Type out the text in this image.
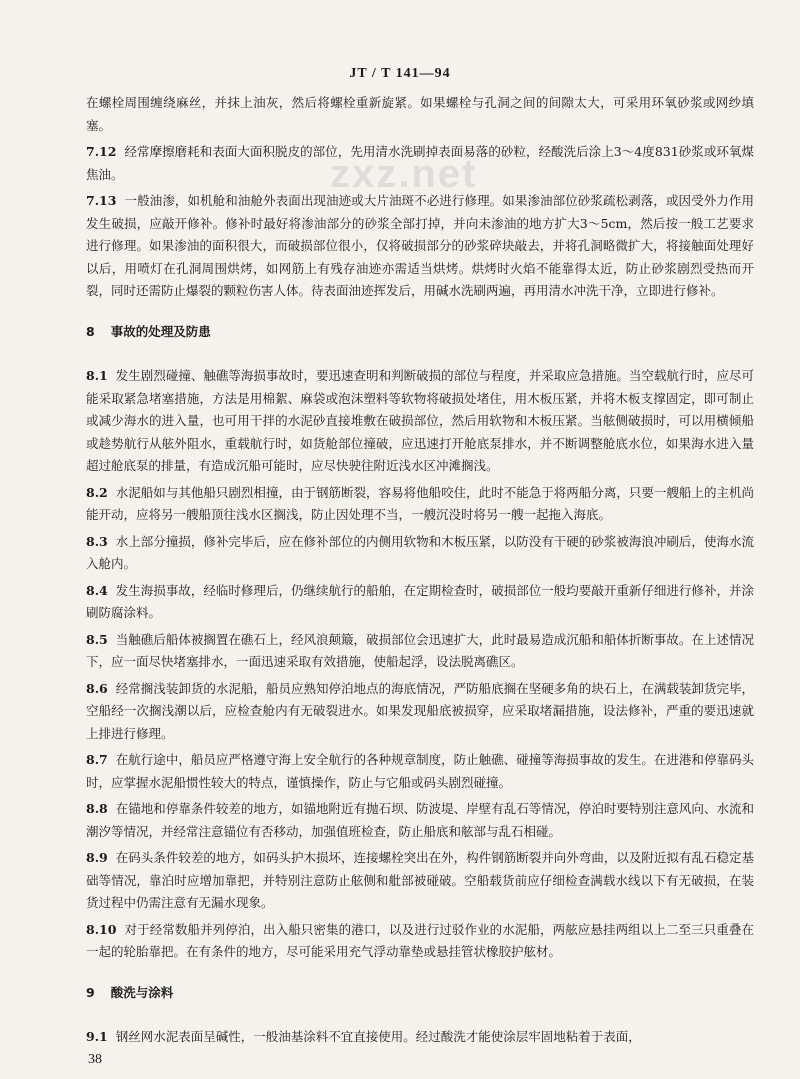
JT / T 141—94
zxz.net

在螺栓周围缠绕麻丝，并抹上油灰，然后将螺栓重新旋紧。如果螺栓与孔洞之间的间隙太大，可采用环氧砂浆或网纱填塞。

7.12 经常摩擦磨耗和表面大面积脱皮的部位，先用清水洗刷掉表面易落的砂粒，经酸洗后涂上3～4度831砂浆或环氧煤焦油。

7.13 一般油渗，如机舱和油舱外表面出现油迹或大片油斑不必进行修理。如果渗油部位砂浆疏松剥落，或因受外力作用发生破损，应敲开修补。修补时最好将渗油部分的砂浆全部打掉，并向未渗油的地方扩大3～5cm，然后按一般工艺要求进行修理。如果渗油的面积很大，而破损部位很小，仅将破损部分的砂浆碎块敲去，并将孔洞略微扩大，将接触面处理好以后，用喷灯在孔洞周围烘烤，如网筋上有残存油迹亦需适当烘烤。烘烤时火焰不能靠得太近，防止砂浆剧烈受热而开裂，同时还需防止爆裂的颗粒伤害人体。待表面油迹挥发后，用碱水洗刷两遍，再用清水冲洗干净，立即进行修补。

8 事故的处理及防患

8.1 发生剧烈碰撞、触礁等海损事故时，要迅速查明和判断破损的部位与程度，并采取应急措施。当空载航行时，应尽可能采取紧急堵塞措施，方法是用棉絮、麻袋或泡沫塑料等软物将破损处堵住，用木板压紧，并将木板支撑固定，即可制止或减少海水的进入量，也可用干拌的水泥砂直接堆敷在破损部位，然后用软物和木板压紧。当舷侧破损时，可以用横倾船或趁势航行从舷外阻水，重载航行时，如货舱部位撞破，应迅速打开舱底泵排水，并不断调整舱底水位，如果海水进入量超过舱底泵的排量，有造成沉船可能时，应尽快驶往附近浅水区冲滩搁浅。

8.2 水泥船如与其他船只剧烈相撞，由于钢筋断裂，容易将他船咬住，此时不能急于将两船分离，只要一艘船上的主机尚能开动，应将另一艘船顶往浅水区搁浅，防止因处理不当，一艘沉没时将另一艘一起拖入海底。

8.3 水上部分撞损，修补完毕后，应在修补部位的内侧用软物和木板压紧，以防没有干硬的砂浆被海浪冲刷后，使海水流入舱内。

8.4 发生海损事故，经临时修理后，仍继续航行的船舶，在定期检查时，破损部位一般均要敲开重新仔细进行修补，并涂刷防腐涂料。

8.5 当触礁后船体被搁置在礁石上，经风浪颠簸，破损部位会迅速扩大，此时最易造成沉船和船体折断事故。在上述情况下，应一面尽快堵塞排水，一面迅速采取有效措施，使船起浮，设法脱离礁区。

8.6 经常搁浅装卸货的水泥船，船员应熟知停泊地点的海底情况，严防船底搁在坚硬多角的块石上，在满载装卸货完毕，空船经一次搁浅潮以后，应检查舱内有无破裂进水。如果发现船底被损穿，应采取堵漏措施，设法修补，严重的要迅速就上排进行修理。

8.7 在航行途中，船员应严格遵守海上安全航行的各种规章制度，防止触礁、碰撞等海损事故的发生。在进港和停靠码头时，应掌握水泥船惯性较大的特点，谨慎操作，防止与它船或码头剧烈碰撞。

8.8 在锚地和停靠条件较差的地方，如锚地附近有抛石坝、防波堤、岸壁有乱石等情况，停泊时要特别注意风向、水流和潮汐等情况，并经常注意锚位有否移动，加强值班检查，防止船底和舷部与乱石相碰。

8.9 在码头条件较差的地方，如码头护木损坏，连接螺栓突出在外，构件钢筋断裂并向外弯曲，以及附近拟有乱石稳定基础等情况，靠泊时应增加靠把，并特别注意防止舷侧和舭部被碰破。空船载货前应仔细检查满载水线以下有无破损，在装货过程中仍需注意有无漏水现象。

8.10 对于经常数船并列停泊，出入船只密集的港口，以及进行过驳作业的水泥船，两舷应悬挂两组以上二至三只重叠在一起的轮胎靠把。在有条件的地方，尽可能采用充气浮动靠垫或悬挂管状橡胶护舷材。

9 酸洗与涂料

9.1 钢丝网水泥表面呈碱性，一般油基涂料不宜直接使用。经过酸洗才能使涂层牢固地粘着于表面，

38
